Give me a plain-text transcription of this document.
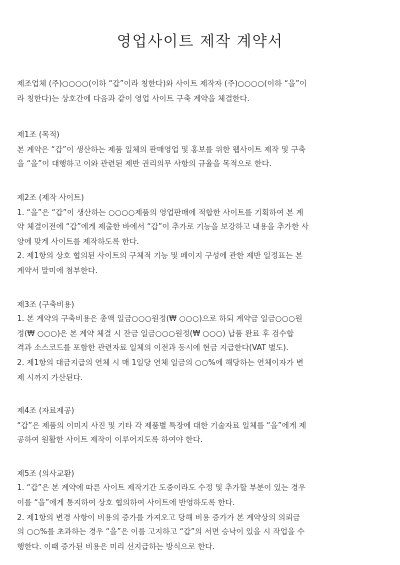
영업사이트 제작 계약서

제조업체 (주)○○○○(이하 “갑”이라 칭한다)와 사이트 제작자 (주)○○○○(이하 “을”이

라 칭한다)는 상호간에 다음과 같이 영업 사이트 구축 계약을 체결한다.

제1조 (목적)

본 계약은 “갑”이 생산하는 제품 일체의 판매영업 및 홍보를 위한 웹사이트 제작 및 구축

을 “을”이 대행하고 이와 관련된 제반 권리의무 사항의 규율을 목적으로 한다.

제2조 (제작 사이트)

1. “을”은 “갑”이 생산하는 ○○○○제품의 영업판매에 적합한 사이트를 기획하여 본 계

약 체결이전에 “갑”에게 제출한 바에서 “갑”이 추가로 기능을 보강하고 내용을 추가한 사

양에 맞게 사이트를 제작하도록 한다.

2. 제1항의 상호 협의된 사이트의 구체적 기능 및 페이지 구성에 관한 제반 일정표는 본

계약서 말미에 첨부한다.

제3조 (구축비용)

1. 본 계약의 구축비용은 총액 일금○○○원정(₩ ○○○)으로 하되 계약금 일금○○○원

정(₩ ○○○)은 본 계약 체결 시 잔금 일금○○○원정(₩ ○○○) 납품 완료 후 검수합

격과 소스코드를 포함한 관련자료 일체의 이전과 동시에 현금 지급한다(VAT 별도).

2. 제1항의 대금지급의 연체 시 매 1일당 연체 일금의 ○○%에 해당하는 연체이자가 변

제 시까지 가산된다.

제4조 (자료제공)

“갑”은 제품의 이미지 사진 및 기타 각 제품별 특장에 대한 기술자료 일체를 “을”에게 제

공하여 원활한 사이트 제작이 이루어지도록 하여야 한다.

제5조 (의사교환)

1. “갑”은 본 계약에 따른 사이트 제작기간 도중이라도 수정 및 추가할 부분이 있는 경우

이를 “을”에게 통지하여 상호 협의하여 사이트에 반영하도록 한다.

2. 제1항의 변경 사항이 비용의 증가를 가져오고 당해 비용 증가가 본 계약상의 의뢰금

의 ○○%를 초과하는 경우 “을”은 이를 고지하고 “갑”의 서면 승낙이 있을 시 작업을 수

행한다. 이때 증가된 비용은 미리 선지급하는 방식으로 한다.
